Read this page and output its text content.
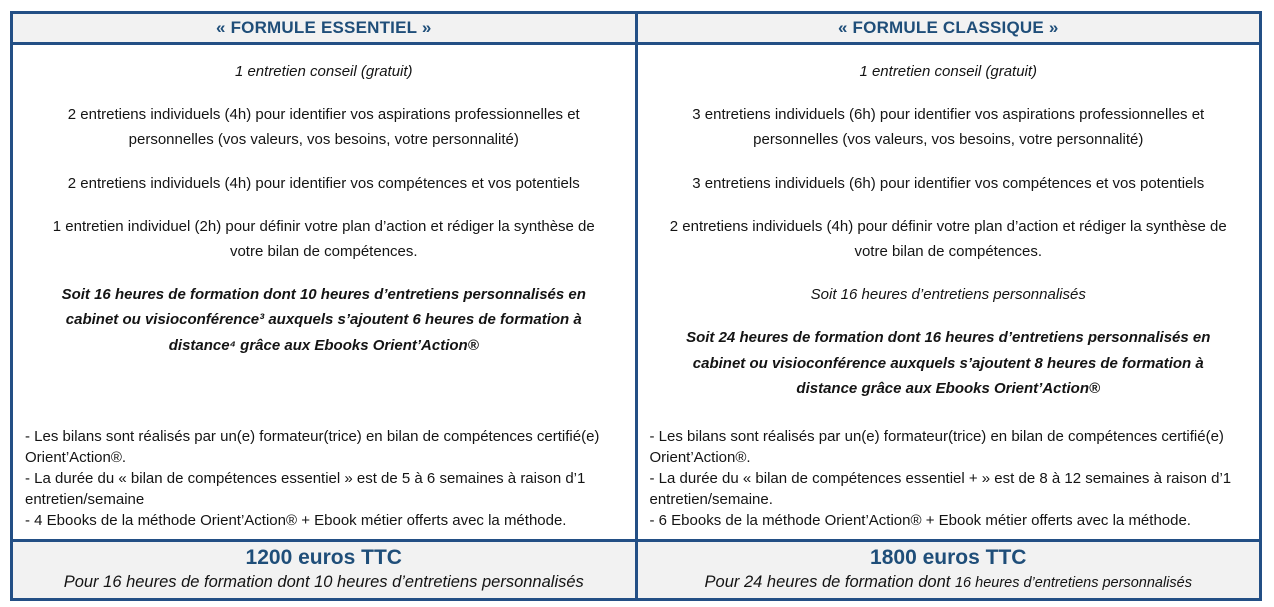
« FORMULE ESSENTIEL »
1 entretien conseil (gratuit)
2 entretiens individuels (4h) pour identifier vos aspirations professionnelles et personnelles (vos valeurs, vos besoins, votre personnalité)
2 entretiens individuels (4h) pour identifier vos compétences et vos potentiels
1 entretien individuel (2h) pour définir votre plan d’action et rédiger la synthèse de votre bilan de compétences.
Soit 16 heures de formation dont 10 heures d’entretiens personnalisés en cabinet ou visioconférence³ auxquels s’ajoutent 6 heures de formation à distance⁴ grâce aux Ebooks Orient’Action®
- Les bilans sont réalisés par un(e) formateur(trice) en bilan de compétences certifié(e) Orient’Action®.
- La durée du « bilan de compétences essentiel » est de 5 à 6 semaines à raison d’1 entretien/semaine
- 4 Ebooks de la méthode Orient’Action® + Ebook métier offerts avec la méthode.
1200 euros TTC
Pour 16 heures de formation dont 10 heures d’entretiens personnalisés
« FORMULE CLASSIQUE »
1 entretien conseil (gratuit)
3 entretiens individuels (6h) pour identifier vos aspirations professionnelles et personnelles (vos valeurs, vos besoins, votre personnalité)
3 entretiens individuels (6h) pour identifier vos compétences et vos potentiels
2 entretiens individuels (4h) pour définir votre plan d’action et rédiger la synthèse de votre bilan de compétences.
Soit 16 heures d’entretiens personnalisés
Soit 24 heures de formation dont 16 heures d’entretiens personnalisés en cabinet ou visioconférence auxquels s’ajoutent 8 heures de formation à distance grâce aux Ebooks Orient’Action®
- Les bilans sont réalisés par un(e) formateur(trice) en bilan de compétences certifié(e) Orient’Action®.
- La durée du « bilan de compétences essentiel + » est de 8 à 12 semaines à raison d’1 entretien/semaine.
- 6 Ebooks de la méthode Orient’Action® + Ebook métier offerts avec la méthode.
1800 euros TTC
Pour 24 heures de formation dont 16 heures d’entretiens personnalisés
